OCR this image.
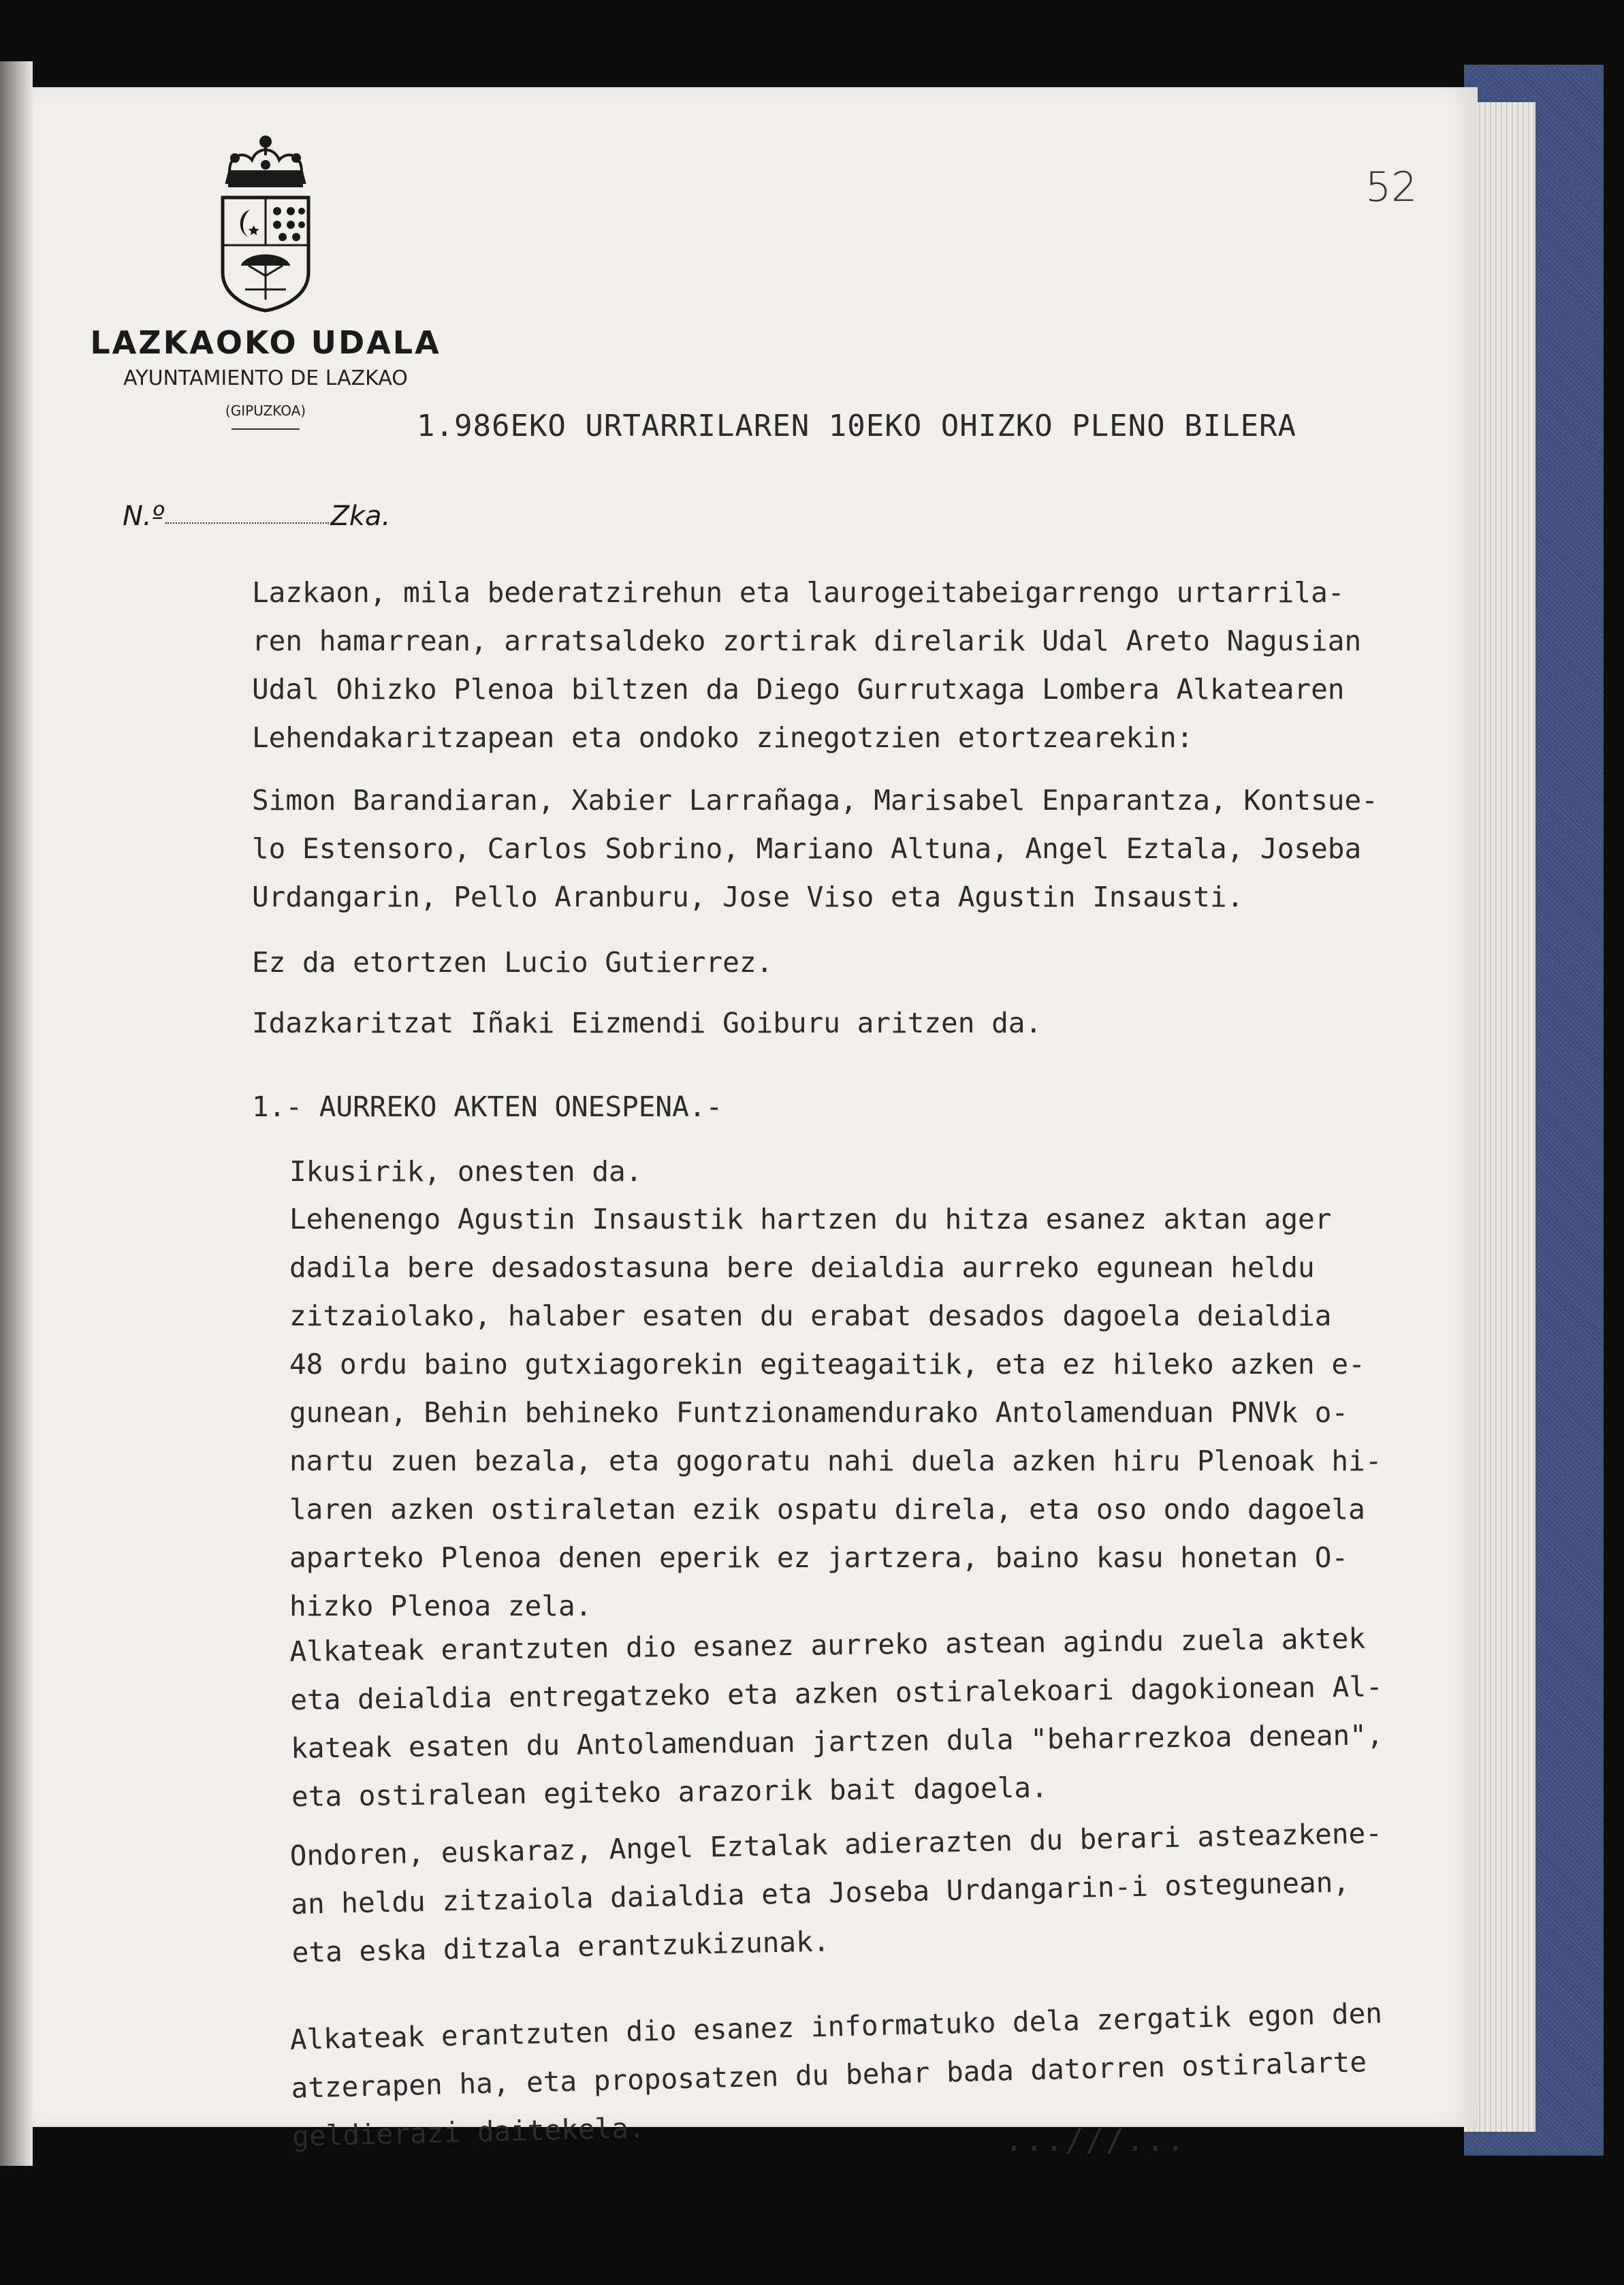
LAZKAOKO UDALA
AYUNTAMIENTO DE LAZKAO
(GIPUZKOA)
52
1.986EKO URTARRILAREN 10EKO OHIZKO PLENO BILERA
N.º	Zka.
Lazkaon, mila bederatzirehun eta laurogeitabeigarrengo urtarrila-
ren hamarrean, arratsaldeko zortirak direlarik Udal Areto Nagusian
Udal Ohizko Plenoa biltzen da Diego Gurrutxaga Lombera Alkatearen
Lehendakaritzapean eta ondoko zinegotzien etortzearekin:
Simon Barandiaran, Xabier Larrañaga, Marisabel Enparantza, Kontsue-
lo Estensoro, Carlos Sobrino, Mariano Altuna, Angel Eztala, Joseba
Urdangarin, Pello Aranburu, Jose Viso eta Agustin Insausti.
Ez da etortzen Lucio Gutierrez.
Idazkaritzat Iñaki Eizmendi Goiburu aritzen da.
1.- AURREKO AKTEN ONESPENA.-
Ikusirik, onesten da.
Lehenengo Agustin Insaustik hartzen du hitza esanez aktan ager
dadila bere desadostasuna bere deialdia aurreko egunean heldu
zitzaiolako, halaber esaten du erabat desados dagoela deialdia
48 ordu baino gutxiagorekin egiteagaitik, eta ez hileko azken e-
gunean, Behin behineko Funtzionamendurako Antolamenduan PNVk o-
nartu zuen bezala, eta gogoratu nahi duela azken hiru Plenoak hi-
laren azken ostiraletan ezik ospatu direla, eta oso ondo dagoela
aparteko Plenoa denen eperik ez jartzera, baino kasu honetan O-
hizko Plenoa zela.
Alkateak erantzuten dio esanez aurreko astean agindu zuela aktek
eta deialdia entregatzeko eta azken ostiralekoari dagokionean Al-
kateak esaten du Antolamenduan jartzen dula "beharrezkoa denean",
eta ostiralean egiteko arazorik bait dagoela.
Ondoren, euskaraz, Angel Eztalak adierazten du berari asteazkene-
an heldu zitzaiola daialdia eta Joseba Urdangarin-i ostegunean,
eta eska ditzala erantzukizunak.
Alkateak erantzuten dio esanez informatuko dela zergatik egon den
atzerapen ha, eta proposatzen du behar bada datorren ostiralarte
geldierazi daitekela.	...///...
